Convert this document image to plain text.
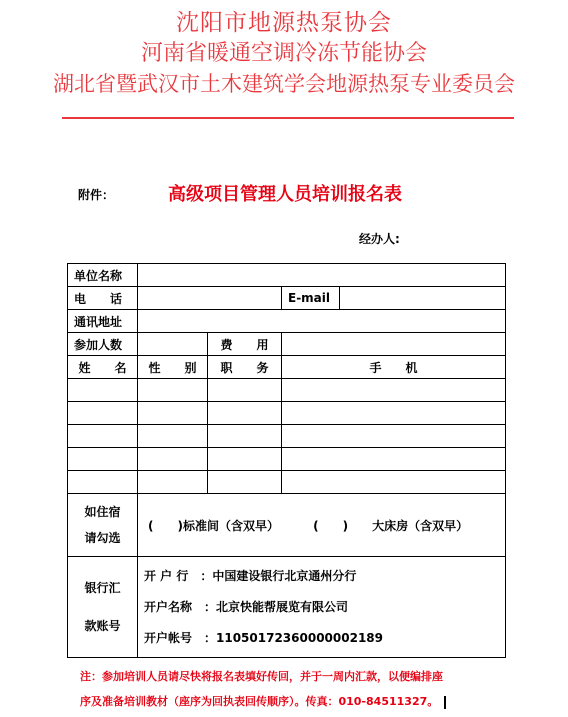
沈阳市地源热泵协会
河南省暖通空调冷冻节能协会
湖北省暨武汉市土木建筑学会地源热泵专业委员会
附件：	高级项目管理人员培训报名表
经办人:
单位名称				
电　话			E-mail	
通讯地址				
参加人数		费　用		
姓　名	性　别	职　务	手　机	

如住宿
请勾选	(　　)标准间（含双早） (　　)　　大床房（含双早）			

银行汇
款账号	开 户 行　：中国建设银行北京通州分行
开户名称　：北京快能帮展览有限公司
开户帐号　：11050172360000002189			
注：参加培训人员请尽快将报名表填好传回，并于一周内汇款，以便编排座
序及准备培训教材（座序为回执表回传顺序）。传真：010-84511327。
